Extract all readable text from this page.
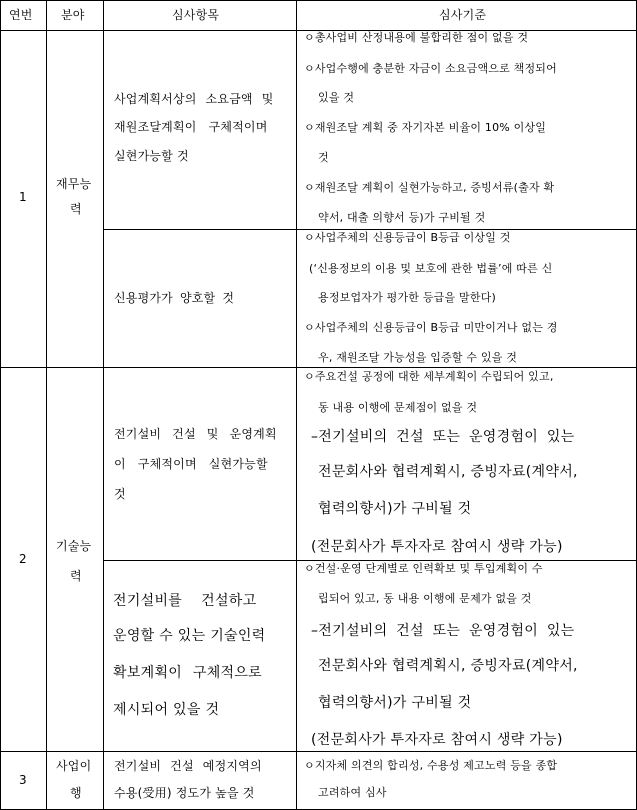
연번 분야	심사항목	심사기준
1
재무능
력
사업계획서상의 소요금액 및
재원조달계획이 구체적이며
실현가능할 것
ㅇ총사업비 산정내용에 불합리한 점이 없을 것
ㅇ사업수행에 충분한 자금이 소요금액으로 책정되어
있을 것
ㅇ재원조달 계획 중 자기자본 비율이 10% 이상일
것
ㅇ재원조달 계획이 실현가능하고, 증빙서류(출자 확
약서, 대출 의향서 등)가 구비될 것
신용평가가 양호할 것
ㅇ사업주체의 신용등급이 B등급 이상일 것
(‘신용정보의 이용 및 보호에 관한 법률’에 따른 신
용정보업자가 평가한 등급을 말한다)
ㅇ사업주체의 신용등급이 B등급 미만이거나 없는 경
우, 재원조달 가능성을 입증할 수 있을 것
2
기술능
력
전기설비 건설 및 운영계획
이 구체적이며 실현가능할
것
ㅇ주요건설 공정에 대한 세부계획이 수립되어 있고,
동 내용 이행에 문제점이 없을 것
–전기설비의 건설 또는 운영경험이 있는
전문회사와 협력계획시, 증빙자료(계약서,
협력의향서)가 구비될 것
(전문회사가 투자자로 참여시 생략 가능)
전기설비를    건설하고
운영할 수 있는 기술인력
확보계획이 구체적으로
제시되어 있을 것
ㅇ건설·운영 단계별로 인력확보 및 투입계획이 수
립되어 있고, 동 내용 이행에 문제가 없을 것
–전기설비의 건설 또는 운영경험이 있는
전문회사와 협력계획시, 증빙자료(계약서,
협력의향서)가 구비될 것
(전문회사가 투자자로 참여시 생략 가능)
3
사업이
행
전기설비 건설 예정지역의
수용(受用) 정도가 높을 것
ㅇ지자체 의견의 합리성, 수용성 제고노력 등을 종합
고려하여 심사
